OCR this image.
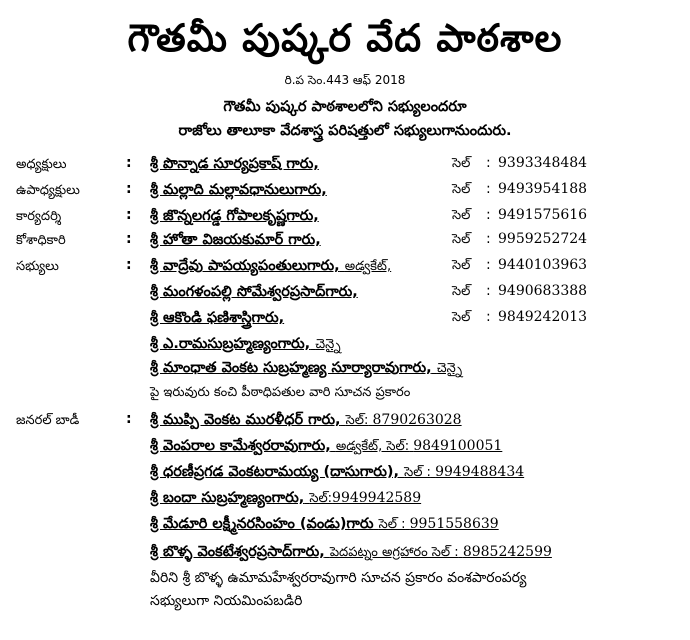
గౌతమీ పుష్కర వేద పాఠశాల
రి.ప సెం.443 ఆఫ్ 2018
గౌతమీ పుష్కర పాఠశాలలోని సభ్యులందరూ
రాజోలు తాలూకా వేదశాస్త్ర పరిషత్తులో సభ్యులుగానుందురు.
అధ్యక్షులు	: శ్రీ పొన్నాడ సూర్యప్రకాష్ గారు,	సెల్ : 9393348484
ఉపాధ్యక్షులు	: శ్రీ మల్లాది మల్లావధానులుగారు,	సెల్ : 9493954188
కార్యదర్శి	: శ్రీ జొన్నలగడ్డ గోపాలకృష్ణగారు,	సెల్ : 9491575616
కోశాధికారి	: శ్రీ హోతా విజయకుమార్ గారు,	సెల్ : 9959252724
సభ్యులు	: శ్రీ వాద్రేవు పాపయ్యపంతులుగారు, అడ్వకేట్,	సెల్ : 9440103963
శ్రీ మంగళంపల్లి సోమేశ్వరప్రసాద్‌గారు,	సెల్ : 9490683388
శ్రీ ఆకొండి ఫణిశాస్త్రిగారు,	సెల్ : 9849242013
శ్రీ ఎ.రామసుబ్రహ్మణ్యంగారు, చెన్నై
శ్రీ మాంధాత వెంకట సుబ్రహ్మణ్య సూర్యారావుగారు, చెన్నై
పై ఇరువురు కంచి పీఠాధిపతుల వారి సూచన ప్రకారం
జనరల్ బాడీ	: శ్రీ ముప్పి వెంకట మురళీధర్ గారు, సెల్: 8790263028
శ్రీ వెంపరాల కామేశ్వరరావుగారు, అడ్వకేట్, సెల్: 9849100051
శ్రీ ధరణీప్రగడ వెంకటరామయ్య (దాసుగారు), సెల్ : 9949488434
శ్రీ బందా సుబ్రహ్మణ్యంగారు, సెల్:9949942589
శ్రీ మేడూరి లక్ష్మీనరసింహం (వండు)గారు సెల్ : 9951558639
శ్రీ బొళ్ళ వెంకటేశ్వరప్రసాద్‌గారు, పెదపట్నం అగ్రహారం సెల్ : 8985242599
వీరిని శ్రీ బొళ్ళ ఉమామహేశ్వరరావుగారి సూచన ప్రకారం వంశపారంపర్య
సభ్యులుగా నియమింపబడిరి
